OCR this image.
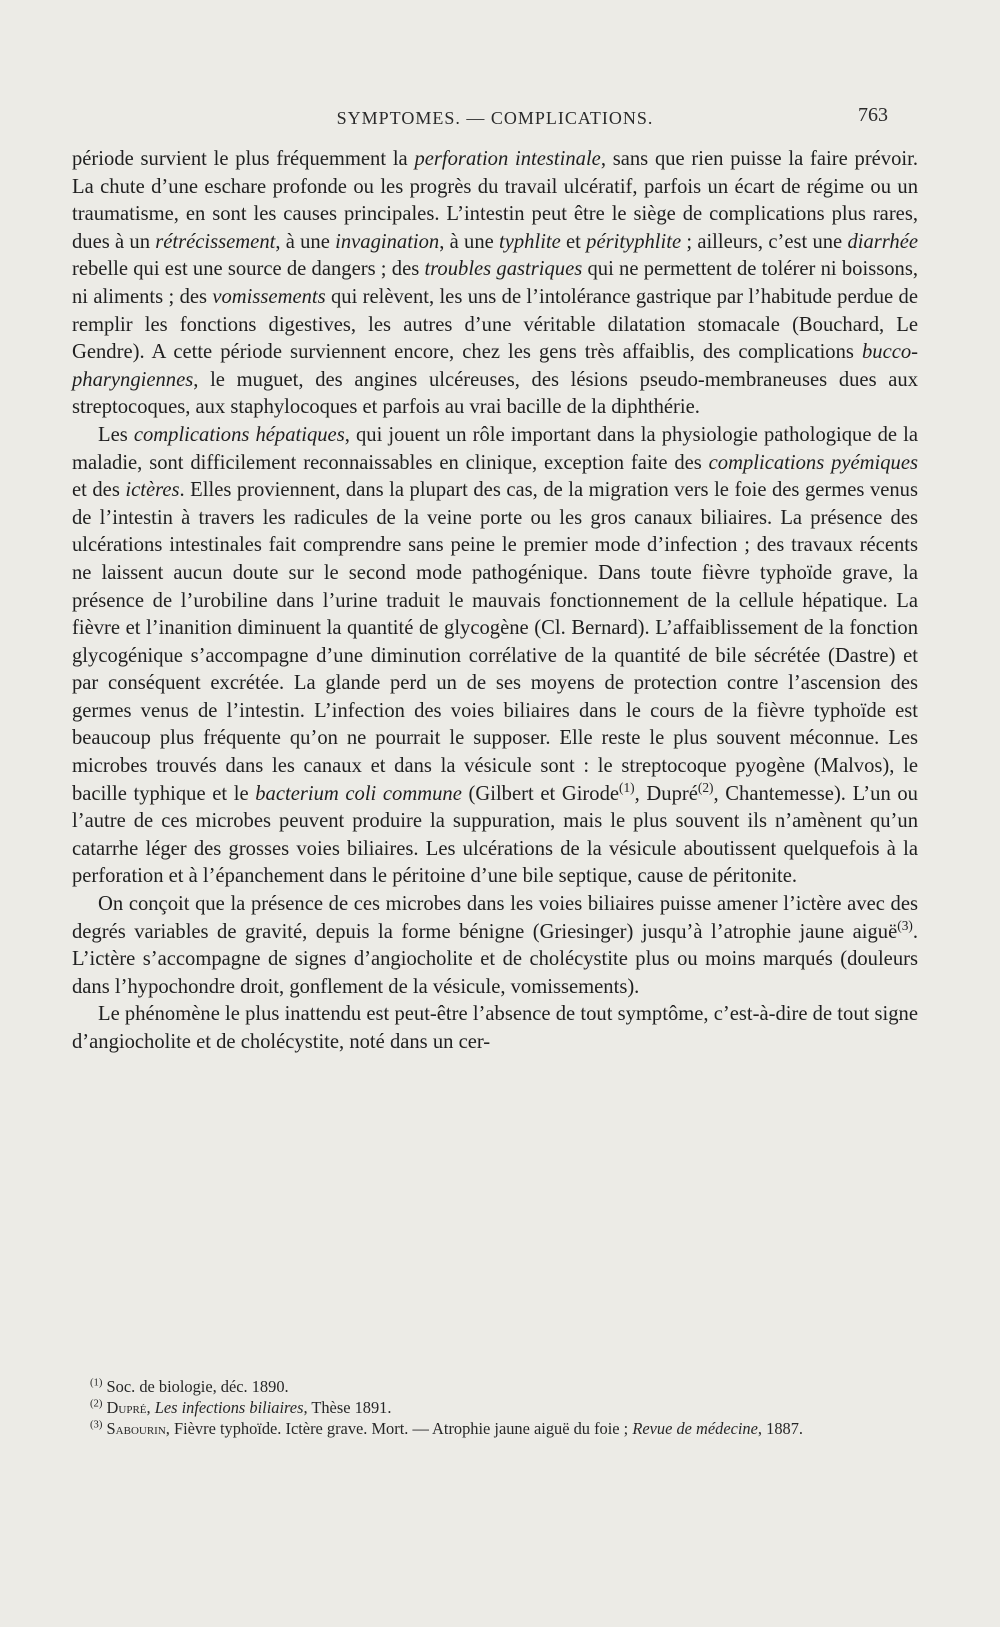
SYMPTOMES. — COMPLICATIONS.	763

période survient le plus fréquemment la perforation intestinale, sans que rien puisse la faire prévoir. La chute d’une eschare profonde ou les progrès du travail ulcératif, parfois un écart de régime ou un traumatisme, en sont les causes principales. L’intestin peut être le siège de complications plus rares, dues à un rétrécissement, à une invagination, à une typhlite et pérityphlite ; ailleurs, c’est une diarrhée rebelle qui est une source de dangers ; des troubles gastriques qui ne permettent de tolérer ni boissons, ni aliments ; des vomissements qui relèvent, les uns de l’intolérance gastrique par l’habitude perdue de remplir les fonctions digestives, les autres d’une véritable dilatation stomacale (Bouchard, Le Gendre). A cette période surviennent encore, chez les gens très affaiblis, des complications bucco-pharyngiennes, le muguet, des angines ulcéreuses, des lésions pseudo-membraneuses dues aux streptocoques, aux staphylocoques et parfois au vrai bacille de la diphthérie.

Les complications hépatiques, qui jouent un rôle important dans la physiologie pathologique de la maladie, sont difficilement reconnaissables en clinique, exception faite des complications pyémiques et des ictères. Elles proviennent, dans la plupart des cas, de la migration vers le foie des germes venus de l’intestin à travers les radicules de la veine porte ou les gros canaux biliaires. La présence des ulcérations intestinales fait comprendre sans peine le premier mode d’infection ; des travaux récents ne laissent aucun doute sur le second mode pathogénique. Dans toute fièvre typhoïde grave, la présence de l’urobiline dans l’urine traduit le mauvais fonctionnement de la cellule hépatique. La fièvre et l’inanition diminuent la quantité de glycogène (Cl. Bernard). L’affaiblissement de la fonction glycogénique s’accompagne d’une diminution corrélative de la quantité de bile sécrétée (Dastre) et par conséquent excrétée. La glande perd un de ses moyens de protection contre l’ascension des germes venus de l’intestin. L’infection des voies biliaires dans le cours de la fièvre typhoïde est beaucoup plus fréquente qu’on ne pourrait le supposer. Elle reste le plus souvent méconnue. Les microbes trouvés dans les canaux et dans la vésicule sont : le streptocoque pyogène (Malvos), le bacille typhique et le bacterium coli commune (Gilbert et Girode$^{(1)}$, Dupré$^{(2)}$, Chantemesse). L’un ou l’autre de ces microbes peuvent produire la suppuration, mais le plus souvent ils n’amènent qu’un catarrhe léger des grosses voies biliaires. Les ulcérations de la vésicule aboutissent quelquefois à la perforation et à l’épanchement dans le péritoine d’une bile septique, cause de péritonite.

On conçoit que la présence de ces microbes dans les voies biliaires puisse amener l’ictère avec des degrés variables de gravité, depuis la forme bénigne (Griesinger) jusqu’à l’atrophie jaune aiguë$^{(3)}$. L’ictère s’accompagne de signes d’angiocholite et de cholécystite plus ou moins marqués (douleurs dans l’hypochondre droit, gonflement de la vésicule, vomissements).

Le phénomène le plus inattendu est peut-être l’absence de tout symptôme, c’est-à-dire de tout signe d’angiocholite et de cholécystite, noté dans un cer-

$^{(1)}$ Soc. de biologie, déc. 1890.

$^{(2)}$ Dupré, Les infections biliaires, Thèse 1891.

$^{(3)}$ Sabourin, Fièvre typhoïde. Ictère grave. Mort. — Atrophie jaune aiguë du foie ; Revue de médecine, 1887.
